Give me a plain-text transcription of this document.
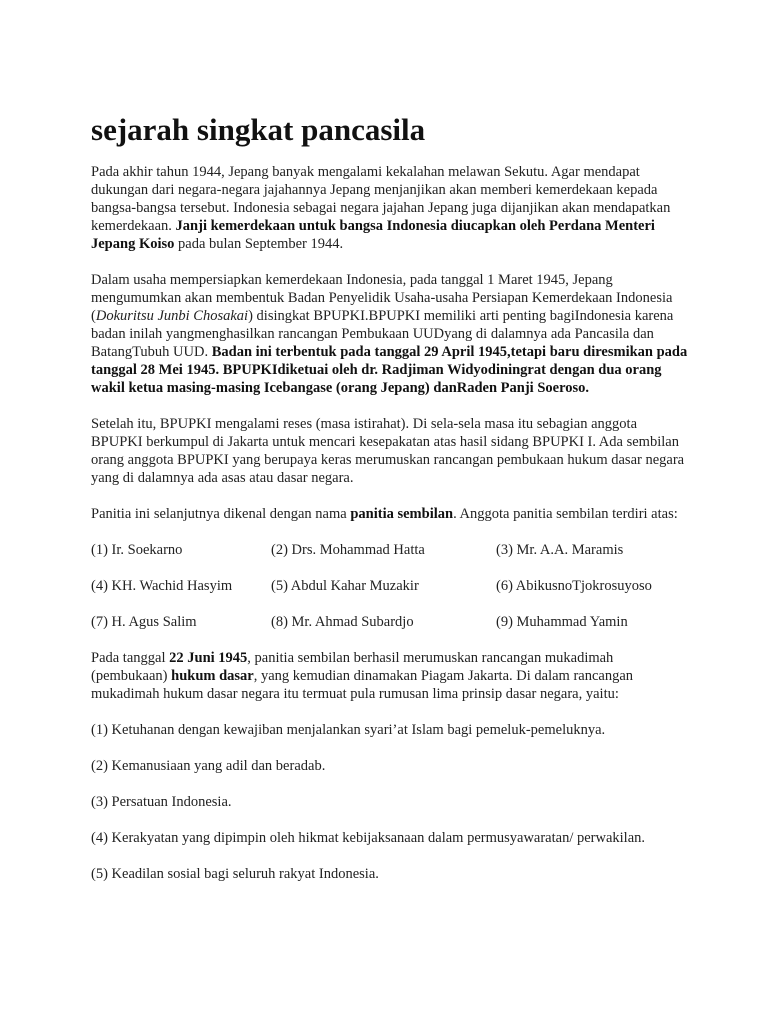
sejarah singkat pancasila

Pada akhir tahun 1944, Jepang banyak mengalami kekalahan melawan Sekutu. Agar mendapat dukungan dari negara-negara jajahannya Jepang menjanjikan akan memberi kemerdekaan kepada bangsa-bangsa tersebut. Indonesia sebagai negara jajahan Jepang juga dijanjikan akan mendapatkan kemerdekaan. Janji kemerdekaan untuk bangsa Indonesia diucapkan oleh Perdana Menteri Jepang Koiso pada bulan September 1944.

Dalam usaha mempersiapkan kemerdekaan Indonesia, pada tanggal 1 Maret 1945, Jepang mengumumkan akan membentuk Badan Penyelidik Usaha-usaha Persiapan Kemerdekaan Indonesia (Dokuritsu Junbi Chosakai) disingkat BPUPKI.BPUPKI memiliki arti penting bagiIndonesia karena badan inilah yangmenghasilkan rancangan Pembukaan UUDyang di dalamnya ada Pancasila dan BatangTubuh UUD. Badan ini terbentuk pada tanggal 29 April 1945,tetapi baru diresmikan pada tanggal 28 Mei 1945. BPUPKIdiketuai oleh dr. Radjiman Widyodiningrat dengan dua orang wakil ketua masing-masing Icebangase (orang Jepang) danRaden Panji Soeroso.

Setelah itu, BPUPKI mengalami reses (masa istirahat). Di sela-sela masa itu sebagian anggota BPUPKI berkumpul di Jakarta untuk mencari kesepakatan atas hasil sidang BPUPKI I. Ada sembilan orang anggota BPUPKI yang berupaya keras merumuskan rancangan pembukaan hukum dasar negara yang di dalamnya ada asas atau dasar negara.

Panitia ini selanjutnya dikenal dengan nama panitia sembilan. Anggota panitia sembilan terdiri atas:

(1) Ir. Soekarno	(2) Drs. Mohammad Hatta	(3) Mr. A.A. Maramis
(4) KH. Wachid Hasyim	(5) Abdul Kahar Muzakir	(6) AbikusnoTjokrosuyoso
(7) H. Agus Salim	(8) Mr. Ahmad Subardjo	(9) Muhammad Yamin

Pada tanggal 22 Juni 1945, panitia sembilan berhasil merumuskan rancangan mukadimah (pembukaan) hukum dasar, yang kemudian dinamakan Piagam Jakarta. Di dalam rancangan mukadimah hukum dasar negara itu termuat pula rumusan lima prinsip dasar negara, yaitu:

(1) Ketuhanan dengan kewajiban menjalankan syari’at Islam bagi pemeluk-pemeluknya.

(2) Kemanusiaan yang adil dan beradab.

(3) Persatuan Indonesia.

(4) Kerakyatan yang dipimpin oleh hikmat kebijaksanaan dalam permusyawaratan/ perwakilan.

(5) Keadilan sosial bagi seluruh rakyat Indonesia.
